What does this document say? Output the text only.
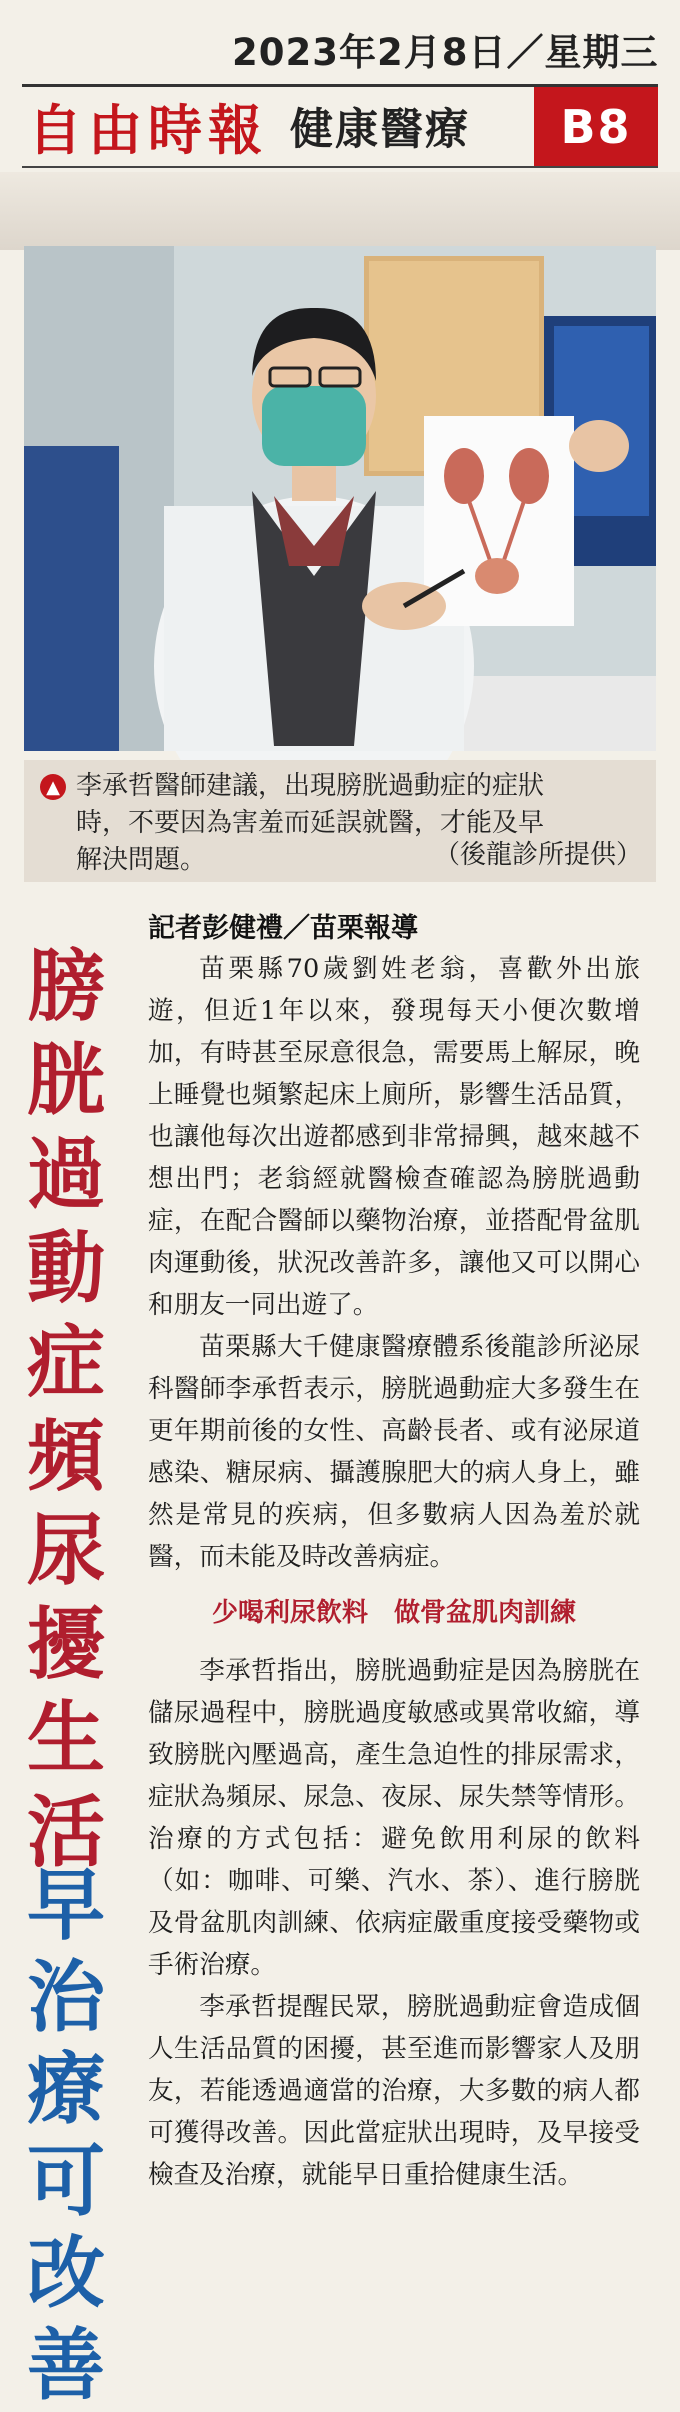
2023年2月8日／星期三
自由時報 健康醫療	B8
▲ 李承哲醫師建議，出現膀胱過動症的症狀
時，不要因為害羞而延誤就醫，才能及早
解決問題。	（後龍診所提供）
膀胱過動症頻尿擾生活
早治療可改善
記者彭健禮／苗栗報導

苗栗縣70歲劉姓老翁，喜歡外出旅遊，但近1年以來，發現每天小便次數增加，有時甚至尿意很急，需要馬上解尿，晚上睡覺也頻繁起床上廁所，影響生活品質，也讓他每次出遊都感到非常掃興，越來越不想出門；老翁經就醫檢查確認為膀胱過動症，在配合醫師以藥物治療，並搭配骨盆肌肉運動後，狀況改善許多，讓他又可以開心和朋友一同出遊了。

苗栗縣大千健康醫療體系後龍診所泌尿科醫師李承哲表示，膀胱過動症大多發生在更年期前後的女性、高齡長者、或有泌尿道感染、糖尿病、攝護腺肥大的病人身上，雖然是常見的疾病，但多數病人因為羞於就醫，而未能及時改善病症。

少喝利尿飲料　做骨盆肌肉訓練

李承哲指出，膀胱過動症是因為膀胱在儲尿過程中，膀胱過度敏感或異常收縮，導致膀胱內壓過高，產生急迫性的排尿需求，症狀為頻尿、尿急、夜尿、尿失禁等情形。治療的方式包括：避免飲用利尿的飲料（如：咖啡、可樂、汽水、茶）、進行膀胱及骨盆肌肉訓練、依病症嚴重度接受藥物或手術治療。

李承哲提醒民眾，膀胱過動症會造成個人生活品質的困擾，甚至進而影響家人及朋友，若能透過適當的治療，大多數的病人都可獲得改善。因此當症狀出現時，及早接受檢查及治療，就能早日重拾健康生活。
